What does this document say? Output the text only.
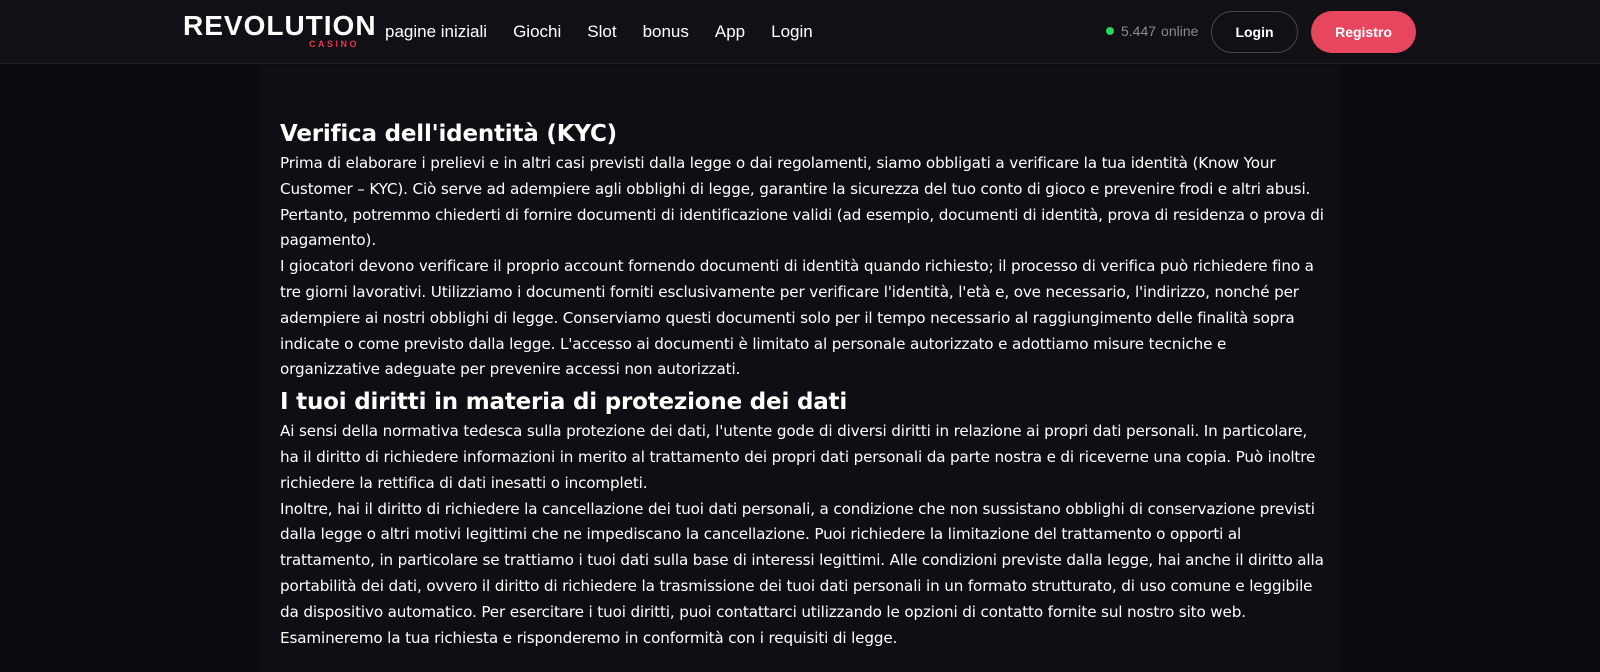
REVOLUTION
CASINO
pagine iniziali Giochi Slot bonus App Login	5.447 online	Login	Registro
Verifica dell'identità (KYC)

Prima di elaborare i prelievi e in altri casi previsti dalla legge o dai regolamenti, siamo obbligati a verificare la tua identità (Know Your Customer – KYC). Ciò serve ad adempiere agli obblighi di legge, garantire la sicurezza del tuo conto di gioco e prevenire frodi e altri abusi. Pertanto, potremmo chiederti di fornire documenti di identificazione validi (ad esempio, documenti di identità, prova di residenza o prova di pagamento).

I giocatori devono verificare il proprio account fornendo documenti di identità quando richiesto; il processo di verifica può richiedere fino a tre giorni lavorativi. Utilizziamo i documenti forniti esclusivamente per verificare l'identità, l'età e, ove necessario, l'indirizzo, nonché per adempiere ai nostri obblighi di legge. Conserviamo questi documenti solo per il tempo necessario al raggiungimento delle finalità sopra indicate o come previsto dalla legge. L'accesso ai documenti è limitato al personale autorizzato e adottiamo misure tecniche e organizzative adeguate per prevenire accessi non autorizzati.

I tuoi diritti in materia di protezione dei dati

Ai sensi della normativa tedesca sulla protezione dei dati, l'utente gode di diversi diritti in relazione ai propri dati personali. In particolare, ha il diritto di richiedere informazioni in merito al trattamento dei propri dati personali da parte nostra e di riceverne una copia. Può inoltre richiedere la rettifica di dati inesatti o incompleti.

Inoltre, hai il diritto di richiedere la cancellazione dei tuoi dati personali, a condizione che non sussistano obblighi di conservazione previsti dalla legge o altri motivi legittimi che ne impediscano la cancellazione. Puoi richiedere la limitazione del trattamento o opporti al trattamento, in particolare se trattiamo i tuoi dati sulla base di interessi legittimi. Alle condizioni previste dalla legge, hai anche il diritto alla portabilità dei dati, ovvero il diritto di richiedere la trasmissione dei tuoi dati personali in un formato strutturato, di uso comune e leggibile da dispositivo automatico. Per esercitare i tuoi diritti, puoi contattarci utilizzando le opzioni di contatto fornite sul nostro sito web. Esamineremo la tua richiesta e risponderemo in conformità con i requisiti di legge.
